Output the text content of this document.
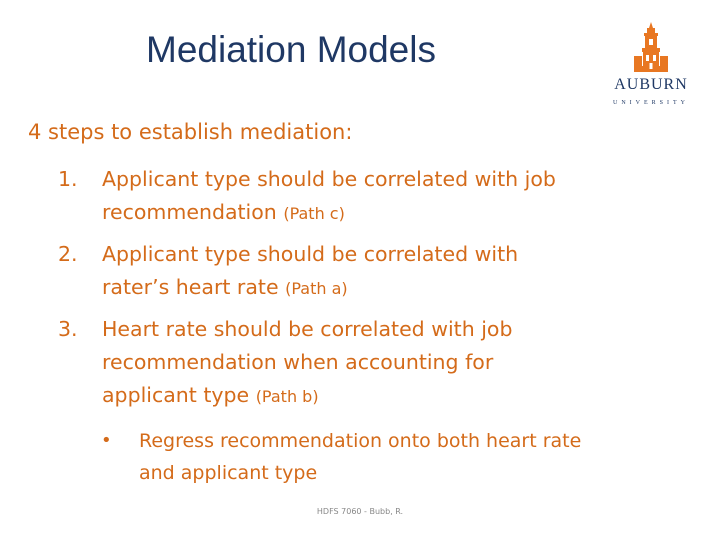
Mediation Models
AUBURN
UNIVERSITY
4 steps to establish mediation:
1.	Applicant type should be correlated with job
recommendation (Path c)
2.	Applicant type should be correlated with
rater’s heart rate (Path a)
3.	Heart rate should be correlated with job
recommendation when accounting for
applicant type (Path b)
• Regress recommendation onto both heart rate
and applicant type
HDFS 7060 - Bubb, R.
